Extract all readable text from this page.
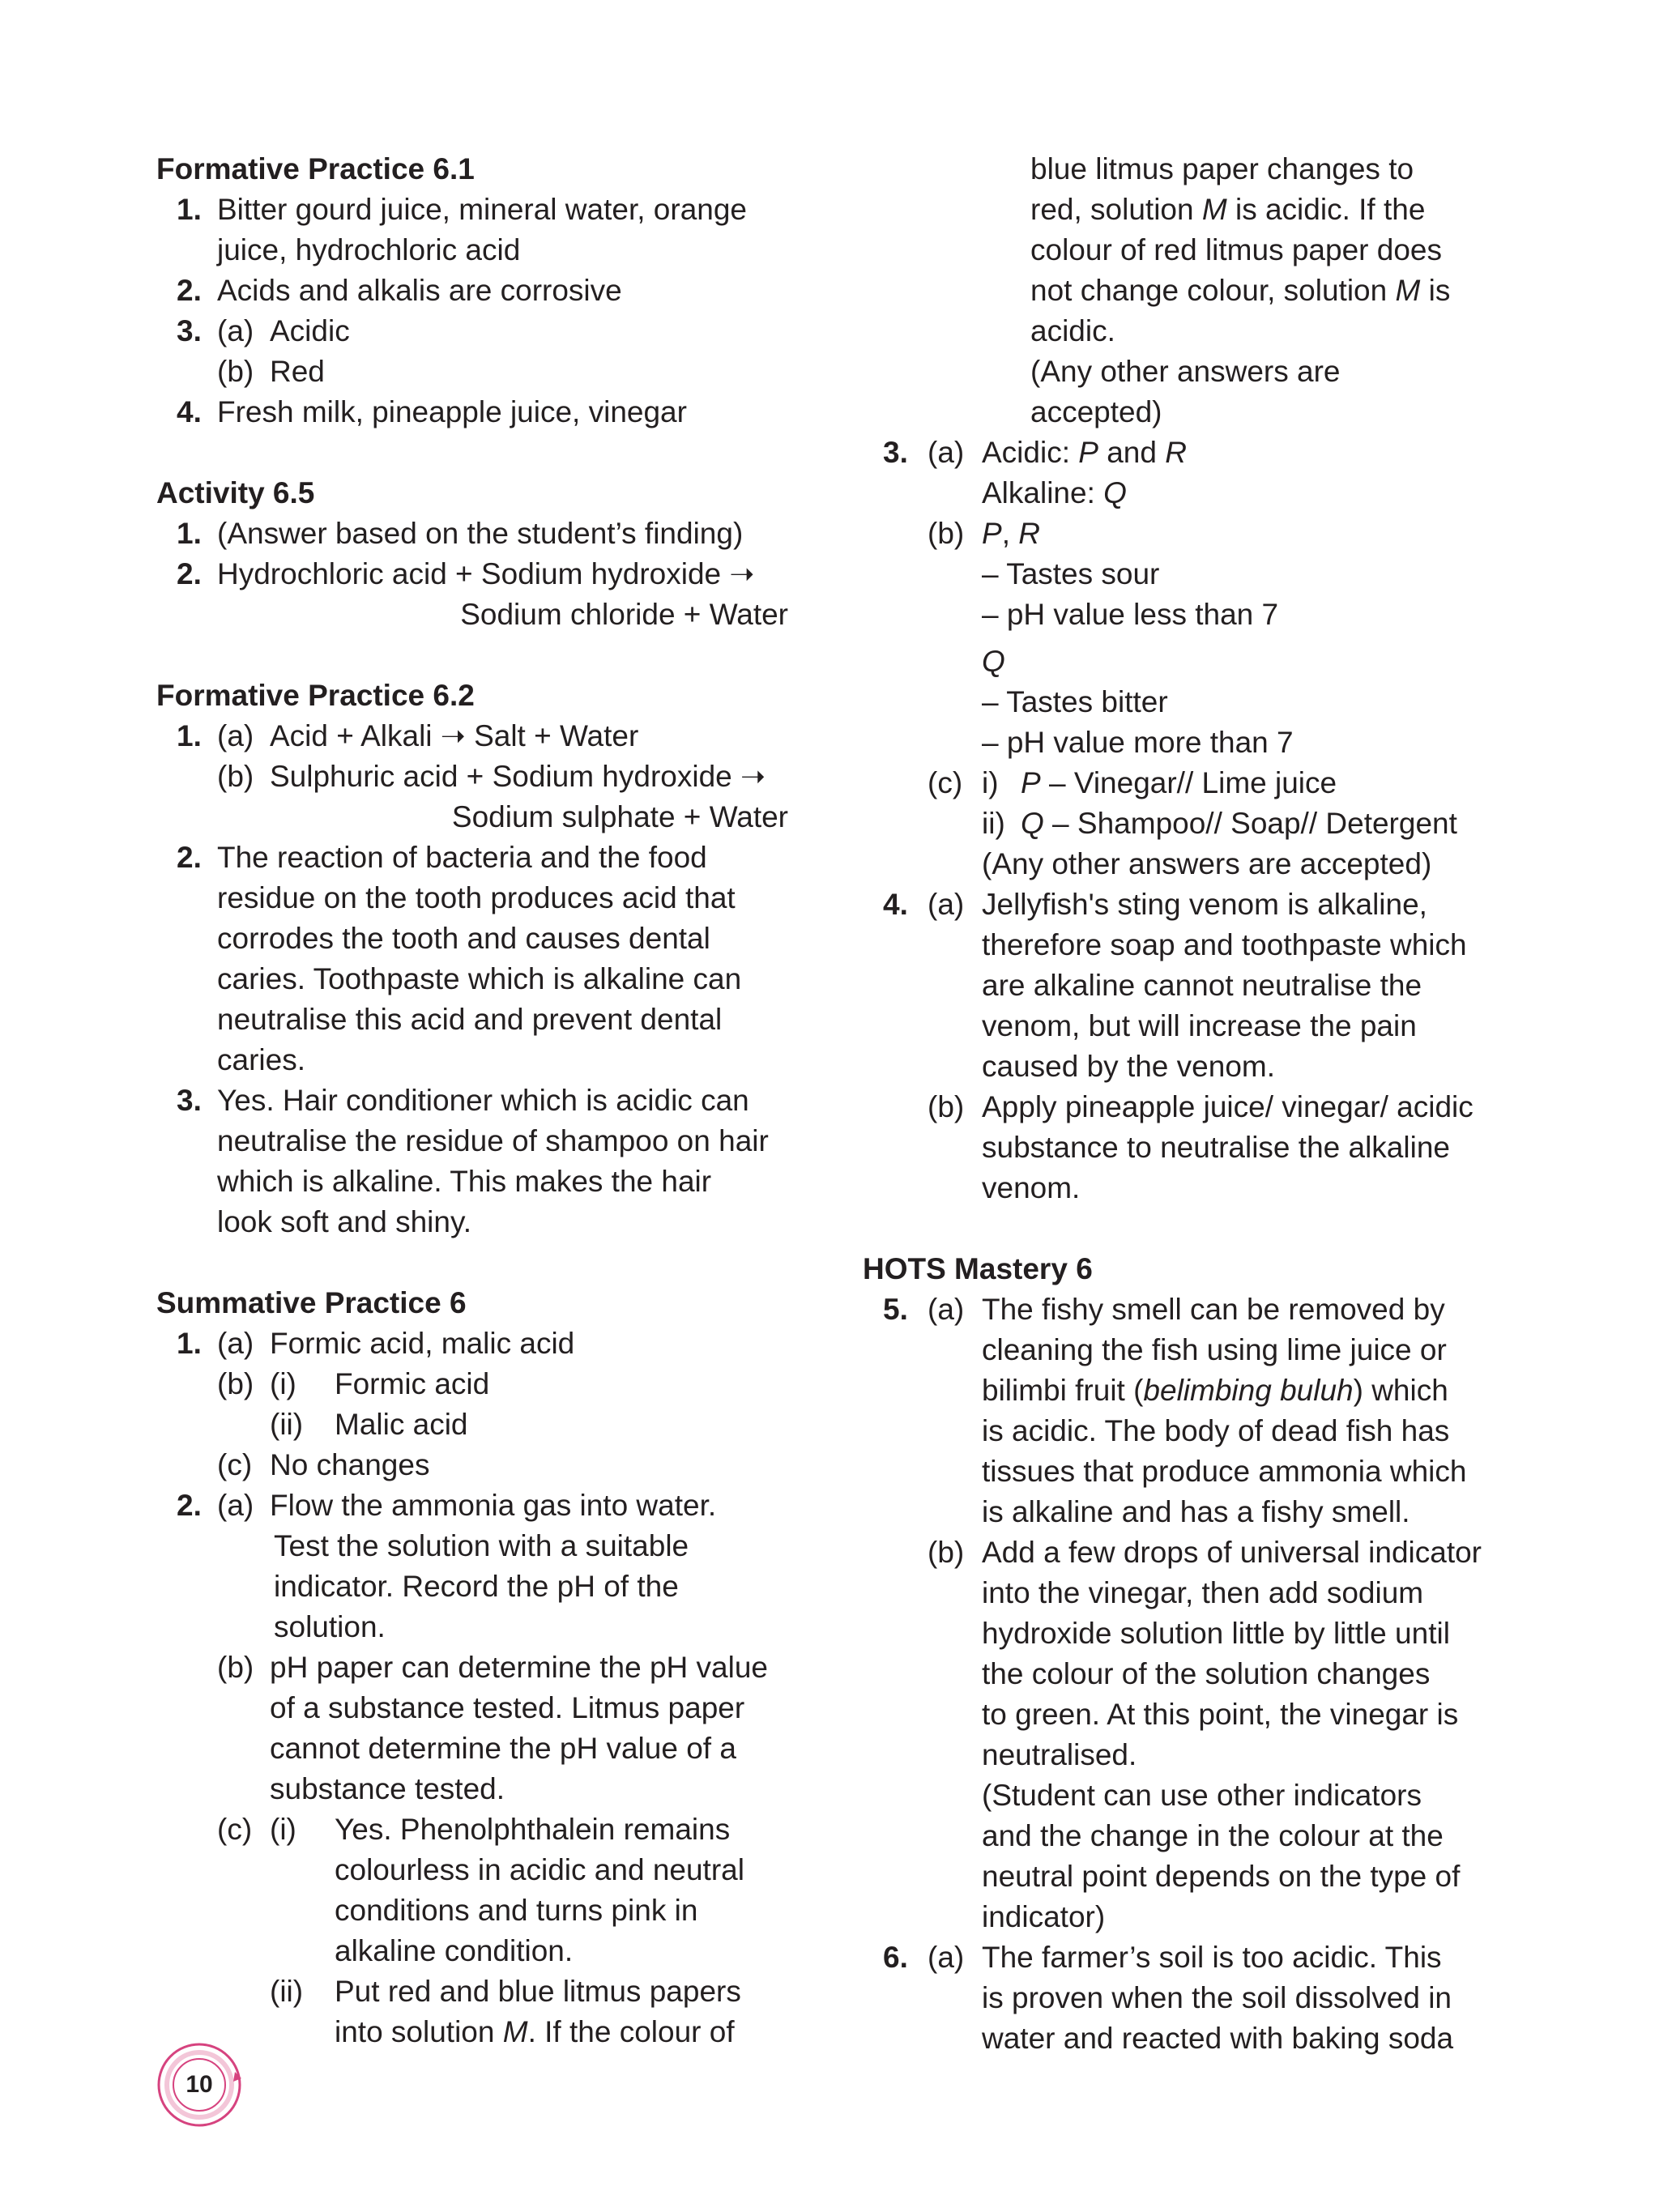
Formative Practice 6.1
1. Bitter gourd juice, mineral water, orange
juice, hydrochloric acid
2. Acids and alkalis are corrosive
3. (a) Acidic
(b) Red
4. Fresh milk, pineapple juice, vinegar
Activity 6.5
1. (Answer based on the student’s finding)
2. Hydrochloric acid + Sodium hydroxide ➝
Sodium chloride + Water
Formative Practice 6.2
1. (a) Acid + Alkali ➝ Salt + Water
(b) Sulphuric acid + Sodium hydroxide ➝
Sodium sulphate + Water
2. The reaction of bacteria and the food
residue on the tooth produces acid that
corrodes the tooth and causes dental
caries. Toothpaste which is alkaline can
neutralise this acid and prevent dental
caries.
3. Yes. Hair conditioner which is acidic can
neutralise the residue of shampoo on hair
which is alkaline. This makes the hair
look soft and shiny.
Summative Practice 6
1. (a) Formic acid, malic acid
(b) (i) Formic acid
(ii) Malic acid
(c) No changes
2. (a) Flow the ammonia gas into water.
Test the solution with a suitable
indicator. Record the pH of the
solution.
(b) pH paper can determine the pH value
of a substance tested. Litmus paper
cannot determine the pH value of a
substance tested.
(c) (i) Yes. Phenolphthalein remains
colourless in acidic and neutral
conditions and turns pink in
alkaline condition.
(ii) Put red and blue litmus papers
into solution M. If the colour of
blue litmus paper changes to
red, solution M is acidic. If the
colour of red litmus paper does
not change colour, solution M is
acidic.
(Any other answers are
accepted)
3. (a) Acidic: P and R
Alkaline: Q
(b) P, R
– Tastes sour
– pH value less than 7
Q
– Tastes bitter
– pH value more than 7
(c) i) P – Vinegar// Lime juice
ii) Q – Shampoo// Soap// Detergent
(Any other answers are accepted)
4. (a) Jellyfish's sting venom is alkaline,
therefore soap and toothpaste which
are alkaline cannot neutralise the
venom, but will increase the pain
caused by the venom.
(b) Apply pineapple juice/ vinegar/ acidic
substance to neutralise the alkaline
venom.
HOTS Mastery 6
5. (a) The fishy smell can be removed by
cleaning the fish using lime juice or
bilimbi fruit (belimbing buluh) which
is acidic. The body of dead fish has
tissues that produce ammonia which
is alkaline and has a fishy smell.
(b) Add a few drops of universal indicator
into the vinegar, then add sodium
hydroxide solution little by little until
the colour of the solution changes
to green. At this point, the vinegar is
neutralised.
(Student can use other indicators
and the change in the colour at the
neutral point depends on the type of
indicator)
6. (a) The farmer’s soil is too acidic. This
is proven when the soil dissolved in
water and reacted with baking soda
10
